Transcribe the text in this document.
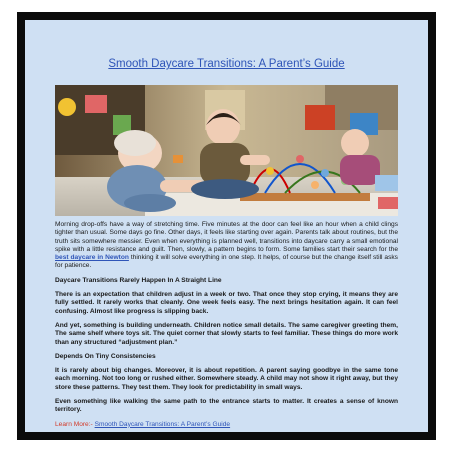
Smooth Daycare Transitions: A Parent’s Guide

Morning drop-offs have a way of stretching time. Five minutes at the door can feel like an hour when a child clings tighter than usual. Some days go fine. Other days, it feels like starting over again. Parents talk about routines, but the truth sits somewhere messier. Even when everything is planned well, transitions into daycare carry a small emotional spike with a little resistance and guilt. Then, slowly, a pattern begins to form. Some families start their search for the best daycare in Newton thinking it will solve everything in one step. It helps, of course but the change itself still asks for patience.

Daycare Transitions Rarely Happen In A Straight Line

There is an expectation that children adjust in a week or two. That once they stop crying, it means they are fully settled. It rarely works that cleanly. One week feels easy. The next brings hesitation again. It can feel confusing. Almost like progress is slipping back.

And yet, something is building underneath. Children notice small details. The same caregiver greeting them, The same shelf where toys sit. The quiet corner that slowly starts to feel familiar. These things do more work than any structured “adjustment plan.”

Depends On Tiny Consistencies

It is rarely about big changes. Moreover, it is about repetition. A parent saying goodbye in the same tone each morning. Not too long or rushed either. Somewhere steady. A child may not show it right away, but they store these patterns. They test them. They look for predictability in small ways.

Even something like walking the same path to the entrance starts to matter. It creates a sense of known territory.

Learn More:- Smooth Daycare Transitions: A Parent’s Guide
